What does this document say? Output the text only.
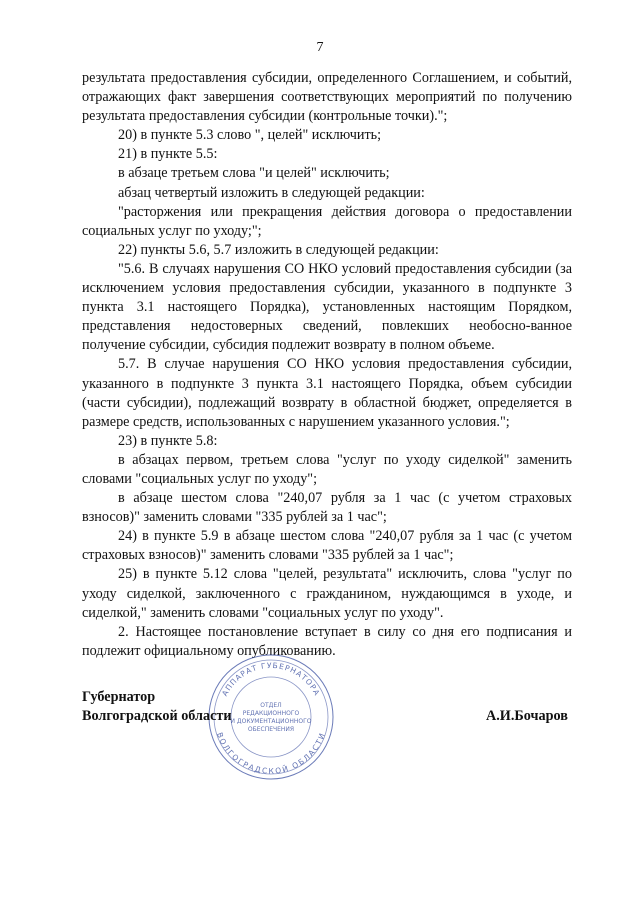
7

результата предоставления субсидии, определенного Соглашением, и событий, отражающих факт завершения соответствующих мероприятий по получению результата предоставления субсидии (контрольные точки).";

20) в пункте 5.3 слово ", целей" исключить;

21) в пункте 5.5:

в абзаце третьем слова "и целей" исключить;

абзац четвертый изложить в следующей редакции:

"расторжения или прекращения действия договора о предоставлении социальных услуг по уходу;";

22) пункты 5.6, 5.7 изложить в следующей редакции:

"5.6. В случаях нарушения СО НКО условий предоставления субсидии (за исключением условия предоставления субсидии, указанного в подпункте 3 пункта 3.1 настоящего Порядка), установленных настоящим Порядком, представления недостоверных сведений, повлекших необосно-ванное получение субсидии, субсидия подлежит возврату в полном объеме.

5.7. В случае нарушения СО НКО условия предоставления субсидии, указанного в подпункте 3 пункта 3.1 настоящего Порядка, объем субсидии (части субсидии), подлежащий возврату в областной бюджет, определяется в размере средств, использованных с нарушением указанного условия.";

23) в пункте 5.8:

в абзацах первом, третьем слова "услуг по уходу сиделкой" заменить словами "социальных услуг по уходу";

в абзаце шестом слова "240,07 рубля за 1 час (с учетом страховых взносов)" заменить словами "335 рублей за 1 час";

24) в пункте 5.9 в абзаце шестом слова "240,07 рубля за 1 час (с учетом страховых взносов)" заменить словами "335 рублей за 1 час";

25) в пункте 5.12 слова "целей, результата" исключить, слова "услуг по уходу сиделкой, заключенного с гражданином, нуждающимся в уходе, и сиделкой," заменить словами "социальных услуг по уходу".

2. Настоящее постановление вступает в силу со дня его подписания и подлежит официальному опубликованию.

АППАРАТ ГУБЕРНАТОРА
ВОЛГОГРАДСКОЙ ОБЛАСТИ
ОТДЕЛ
РЕДАКЦИОННОГО
И ДОКУМЕНТАЦИОННОГО
ОБЕСПЕЧЕНИЯ
Губернатор
Волгоградской области	А.И.Бочаров
